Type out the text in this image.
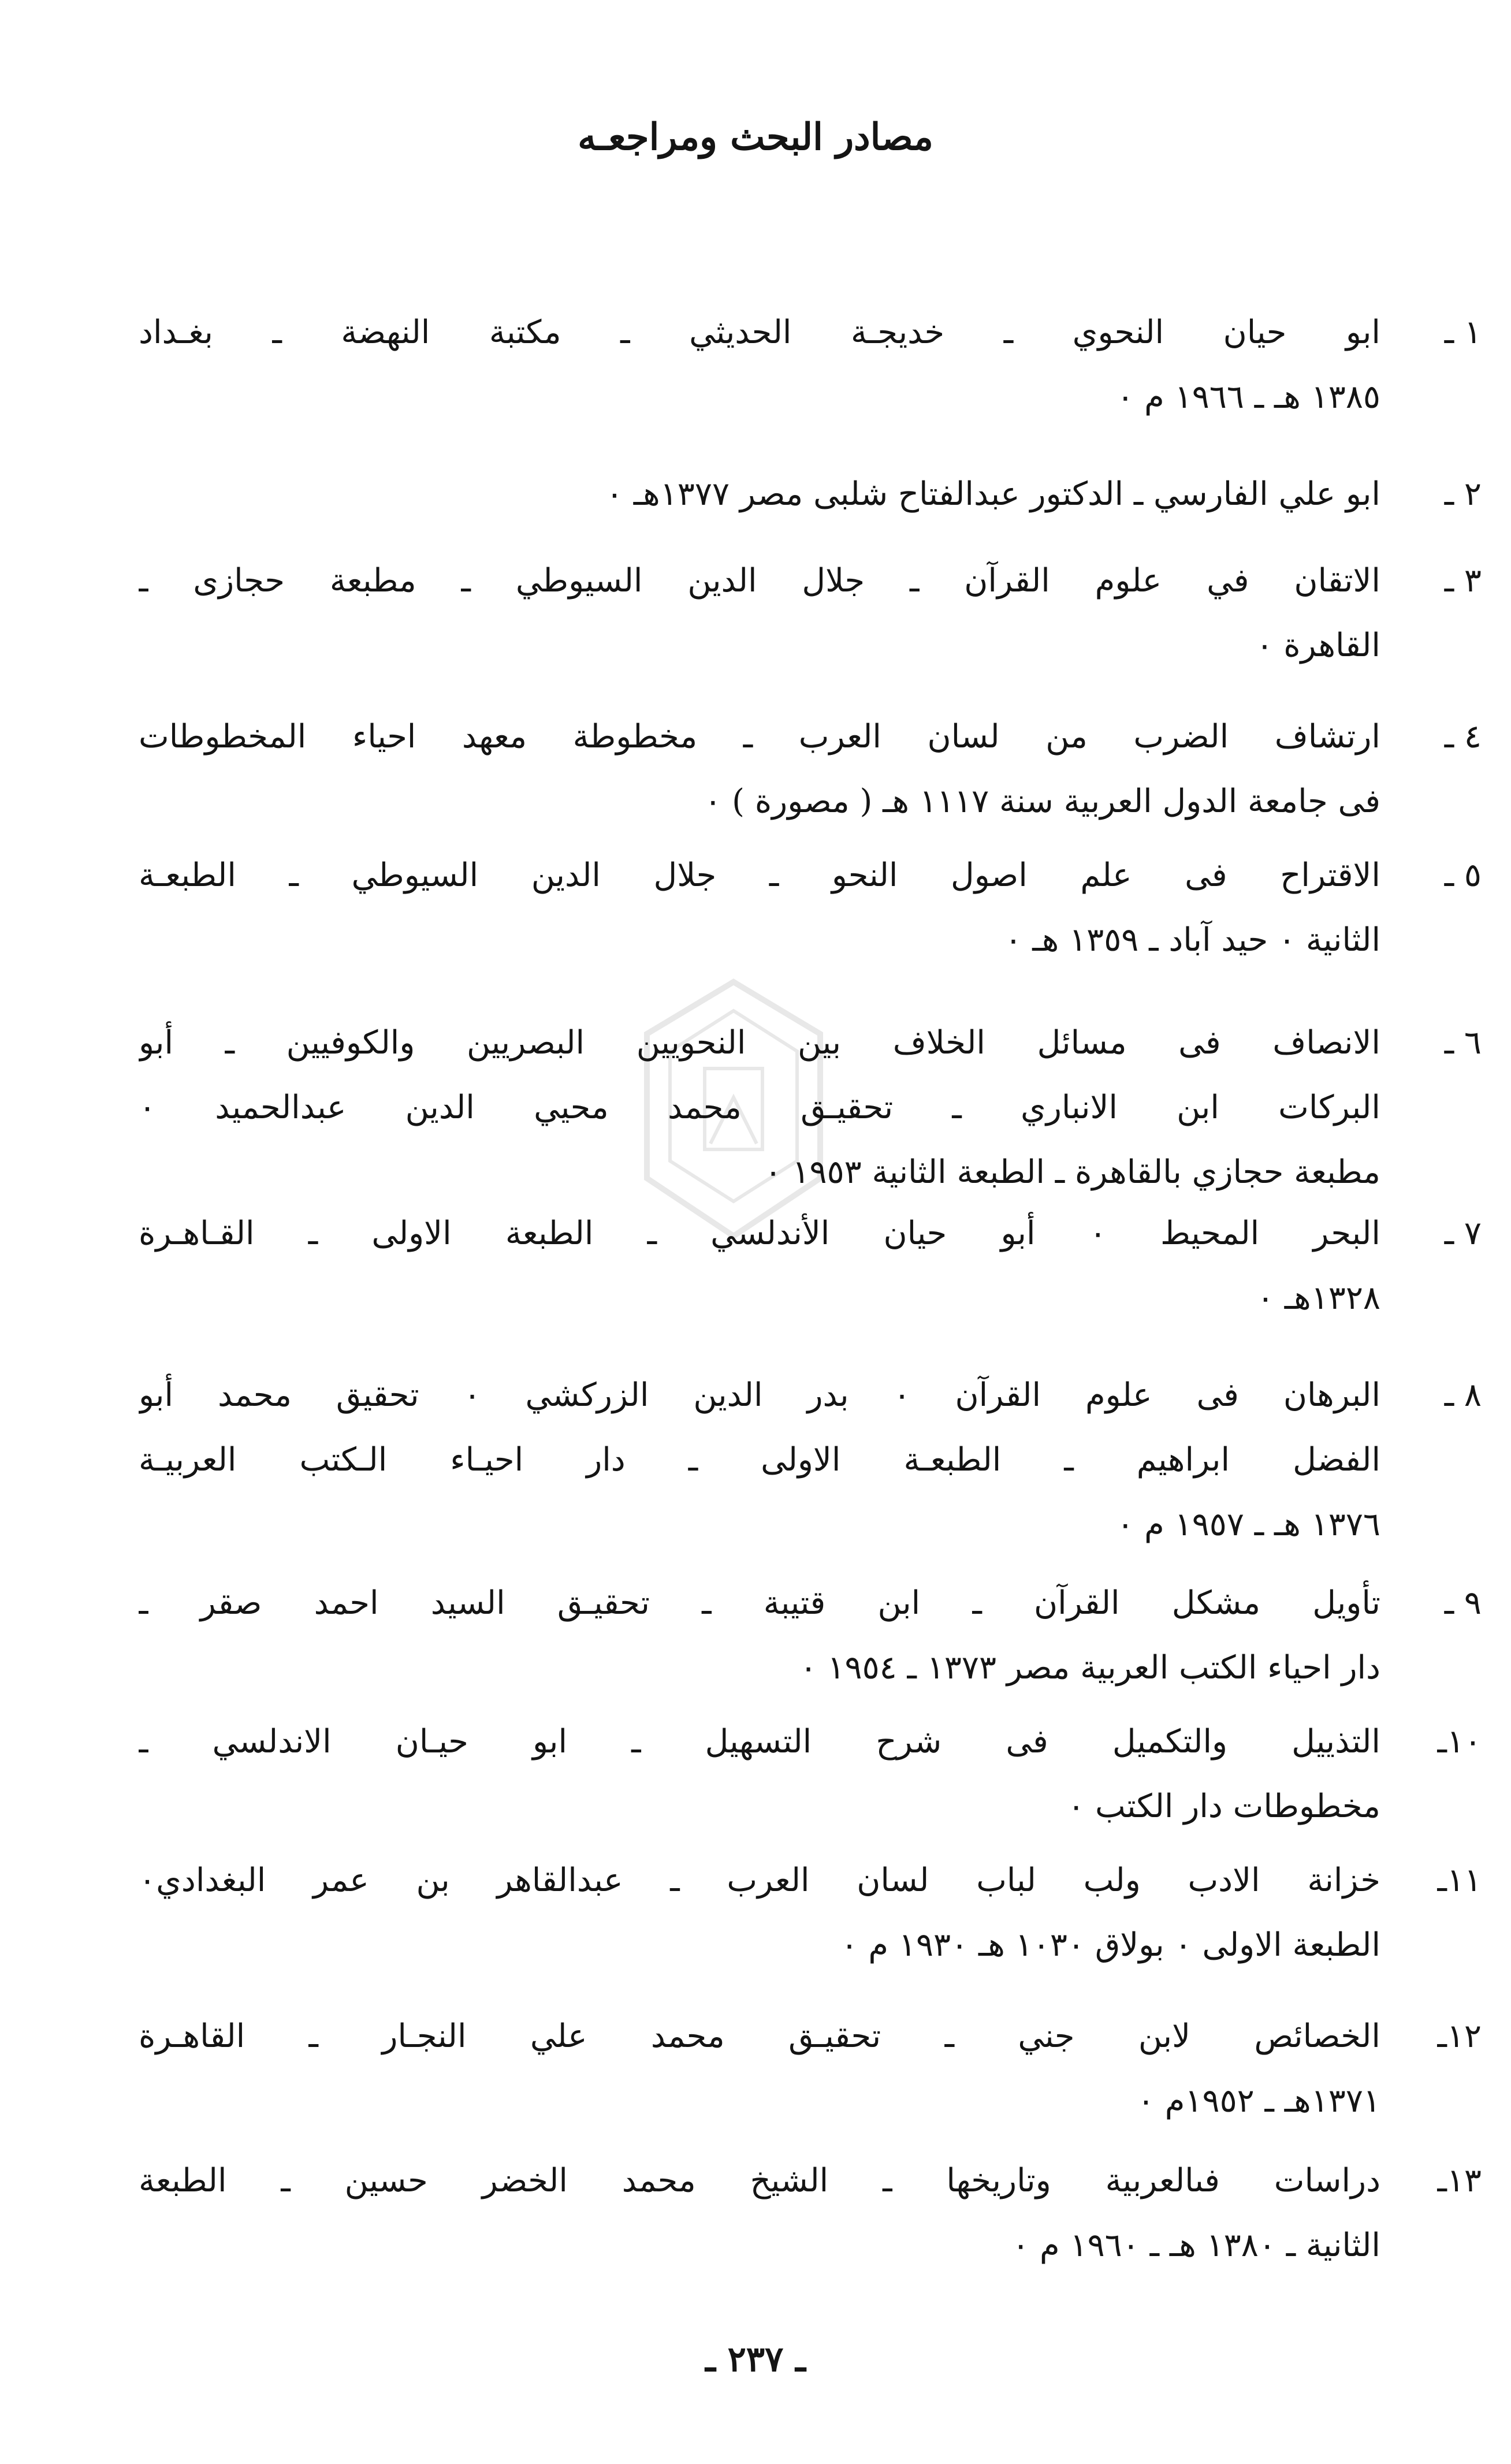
مصادر البحث ومراجعـه
١ ـ
ابو حيان النحوي ـ خديجـة الحديثي ـ مكتبة النهضة ـ بغـداد
١٣٨٥ هـ ـ ١٩٦٦ م ٠
٢ ـ
ابو علي الفارسي ـ الدكتور عبدالفتاح شلبى مصر ١٣٧٧هـ ٠
٣ ـ
الاتقان في علوم القرآن ـ جلال الدين السيوطي ـ مطبعة حجازى ـ
القاهرة ٠
٤ ـ
ارتشاف الضرب من لسان العرب ـ مخطوطة معهد احياء المخطوطات
فى جامعة الدول العربية سنة ١١١٧ هـ ( مصورة ) ٠
٥ ـ
الاقتراح فى علم اصول النحو ـ جلال الدين السيوطي ـ الطبعـة
الثانية ٠ حيد آباد ـ ١٣٥٩ هـ ٠
٦ ـ
الانصاف فى مسائل الخلاف بين النحويين البصريين والكوفيين ـ أبو
البركات ابن الانباري ـ تحقيـق محمد محيي الدين عبدالحميد ٠
مطبعة حجازي بالقاهرة ـ الطبعة الثانية ١٩٥٣ ٠
٧ ـ
البحر المحيط ٠ أبو حيان الأندلسي ـ الطبعة الاولى ـ القـاهـرة
١٣٢٨هـ ٠
٨ ـ
البرهان فى علوم القرآن ٠ بدر الدين الزركشي ٠ تحقيق محمد أبو
الفضل ابراهيم ـ الطبعـة الاولى ـ دار احيـاء الـكتب العربيـة
١٣٧٦ هـ ـ ١٩٥٧ م ٠
٩ ـ
تأويل مشكل القرآن ـ ابن قتيبة ـ تحقيـق السيد احمد صقر ـ
دار احياء الكتب العربية مصر ١٣٧٣ ـ ١٩٥٤ ٠
١٠ـ
التذييل والتكميل فى شرح التسهيل ـ ابو حيـان الاندلسي ـ
مخطوطات دار الكتب ٠
١١ـ
خزانة الادب ولب لباب لسان العرب ـ عبدالقاهر بن عمر البغدادي٠
الطبعة الاولى ٠ بولاق ١٠٣٠ هـ ١٩٣٠ م ٠
١٢ـ
الخصائص لابن جني ـ تحقيـق محمد علي النجـار ـ القاهـرة
١٣٧١هـ ـ ١٩٥٢م ٠
١٣ـ
دراسات فىالعربية وتاريخها ـ الشيخ محمد الخضر حسين ـ الطبعة
الثانية ـ ١٣٨٠ هـ ـ ١٩٦٠ م ٠
ـ ٢٣٧ ـ
